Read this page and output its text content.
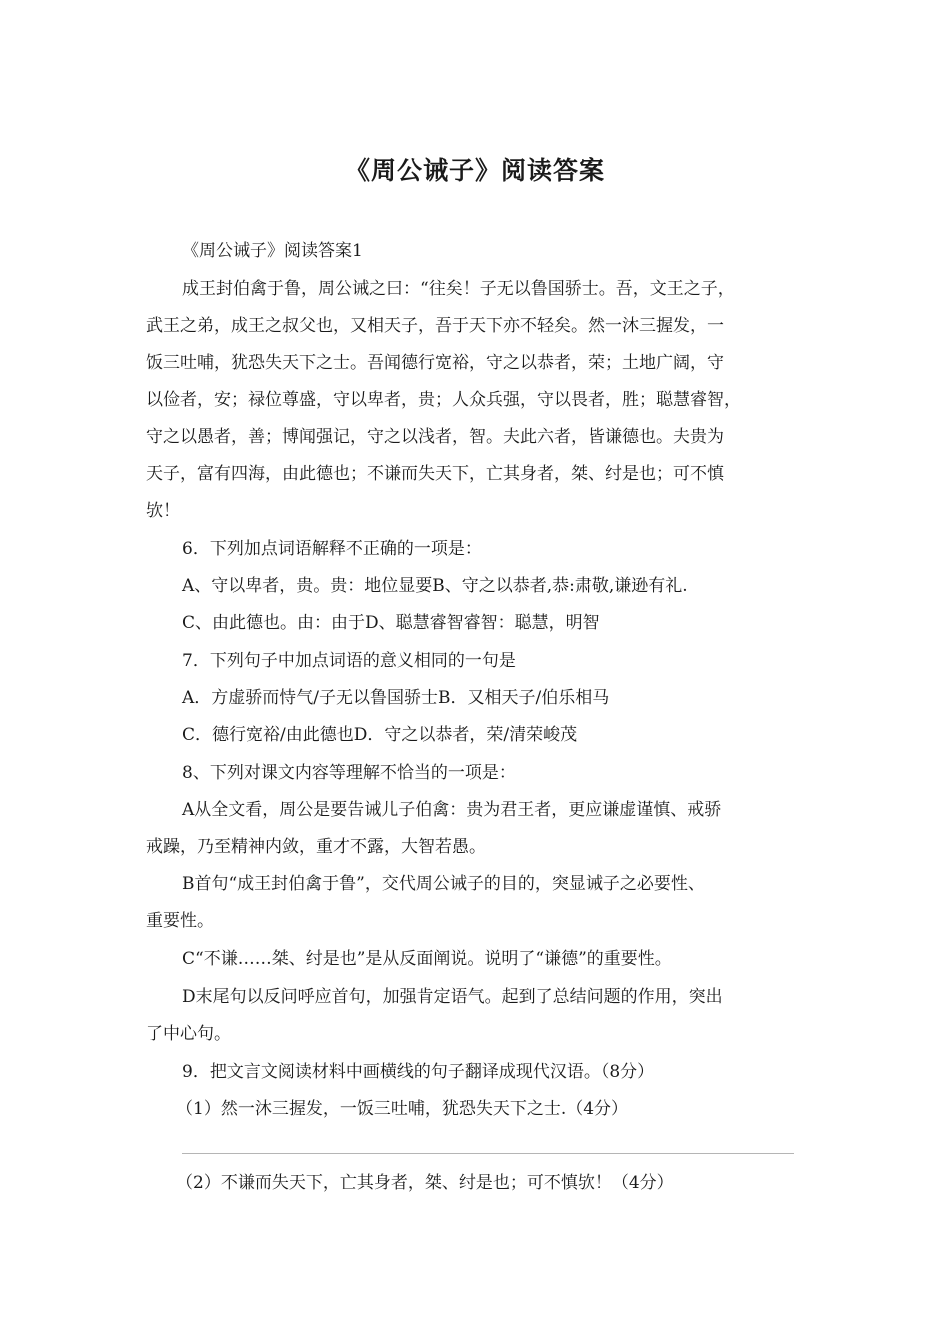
《周公诫子》阅读答案
《周公诫子》阅读答案1
成王封伯禽于鲁，周公诫之曰：“往矣！子无以鲁国骄士。吾，文王之子，
武王之弟，成王之叔父也，又相天子，吾于天下亦不轻矣。然一沐三握发，一
饭三吐哺，犹恐失天下之士。吾闻德行宽裕，守之以恭者，荣；土地广阔，守
以俭者，安；禄位尊盛，守以卑者，贵；人众兵强，守以畏者，胜；聪慧睿智，
守之以愚者，善；博闻强记，守之以浅者，智。夫此六者，皆谦德也。夫贵为
天子，富有四海，由此德也；不谦而失天下，亡其身者，桀、纣是也；可不慎
欤！
6．下列加点词语解释不正确的一项是：
A、守以卑者，贵。贵：地位显要B、守之以恭者,恭:肃敬,谦逊有礼.
C、由此德也。由：由于D、聪慧睿智睿智：聪慧，明智
7．下列句子中加点词语的意义相同的一句是
A．方虚骄而恃气/子无以鲁国骄士B．又相天子/伯乐相马
C．德行宽裕/由此德也D．守之以恭者，荣/清荣峻茂
8、下列对课文内容等理解不恰当的一项是：
A从全文看，周公是要告诫儿子伯禽：贵为君王者，更应谦虚谨慎、戒骄
戒躁，乃至精神内敛，重才不露，大智若愚。
B首句“成王封伯禽于鲁”，交代周公诫子的目的，突显诫子之必要性、
重要性。
C“不谦……桀、纣是也”是从反面阐说。说明了“谦德”的重要性。
D末尾句以反问呼应首句，加强肯定语气。起到了总结问题的作用，突出
了中心句。
9．把文言文阅读材料中画横线的句子翻译成现代汉语。（8分）
（1）然一沐三握发，一饭三吐哺，犹恐失天下之士.（4分）
（2）不谦而失天下，亡其身者，桀、纣是也；可不慎欤！（4分）
